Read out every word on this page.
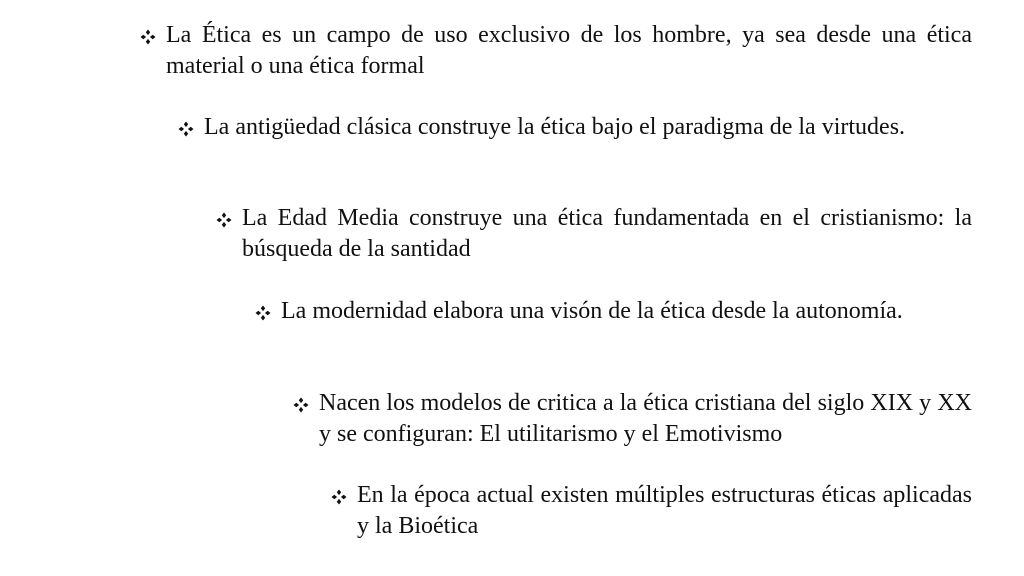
La Ética es un campo de uso exclusivo de los hombre, ya sea desde una ética material o una ética formal

La antigüedad clásica construye la ética bajo el paradigma de la virtudes.

La Edad Media construye una ética fundamentada en el cristianismo: la búsqueda de la santidad

La modernidad elabora una visón de la ética desde la autonomía.

Nacen los modelos de critica a la ética cristiana del siglo XIX y XX y se configuran: El utilitarismo y el Emotivismo

En la época actual existen múltiples estructuras éticas aplicadas y la Bioética
